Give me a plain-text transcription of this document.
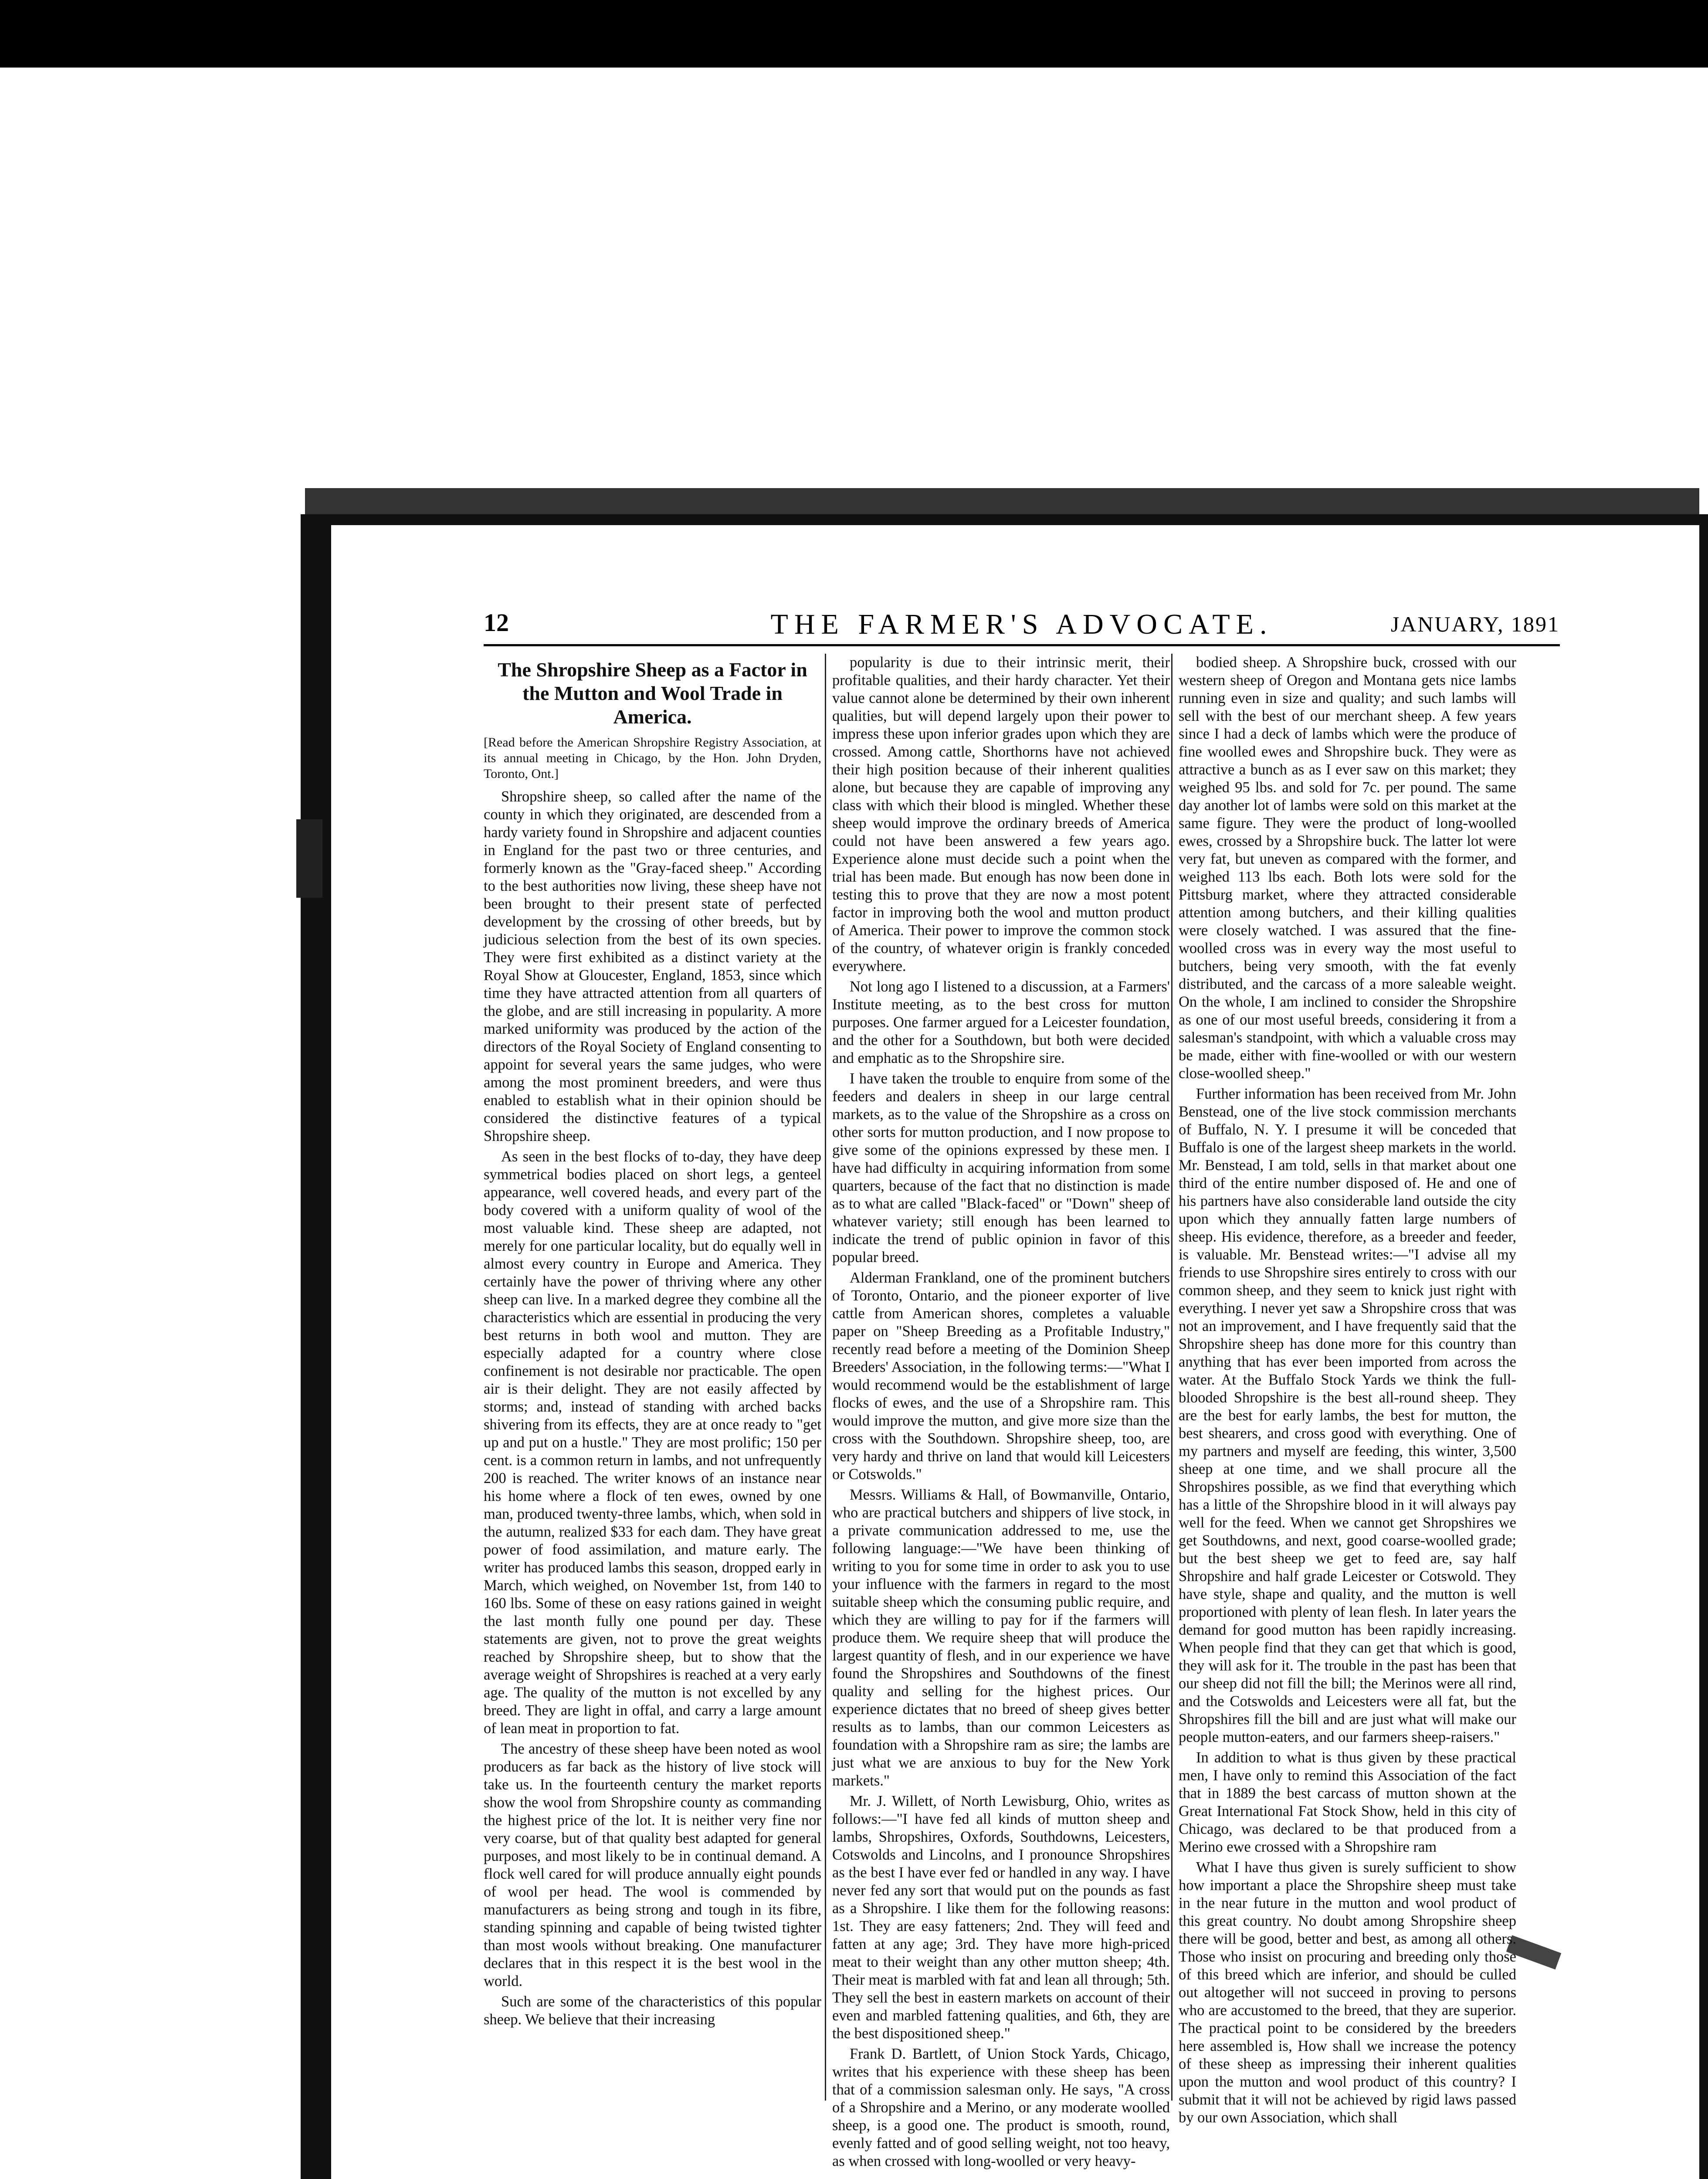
12	THE FARMER'S ADVOCATE.	JANUARY, 1891
The Shropshire Sheep as a Factor in the Mutton and Wool Trade in America.

[Read before the American Shropshire Registry Association, at its annual meeting in Chicago, by the Hon. John Dryden, Toronto, Ont.]

Shropshire sheep, so called after the name of the county in which they originated, are descended from a hardy variety found in Shropshire and adjacent counties in England for the past two or three centuries, and formerly known as the "Gray-faced sheep." According to the best authorities now living, these sheep have not been brought to their present state of perfected development by the crossing of other breeds, but by judicious selection from the best of its own species. They were first exhibited as a distinct variety at the Royal Show at Gloucester, England, 1853, since which time they have attracted attention from all quarters of the globe, and are still increasing in popularity. A more marked uniformity was produced by the action of the directors of the Royal Society of England consenting to appoint for several years the same judges, who were among the most prominent breeders, and were thus enabled to establish what in their opinion should be considered the distinctive features of a typical Shropshire sheep.

As seen in the best flocks of to-day, they have deep symmetrical bodies placed on short legs, a genteel appearance, well covered heads, and every part of the body covered with a uniform quality of wool of the most valuable kind. These sheep are adapted, not merely for one particular locality, but do equally well in almost every country in Europe and America. They certainly have the power of thriving where any other sheep can live. In a marked degree they combine all the characteristics which are essential in producing the very best returns in both wool and mutton. They are especially adapted for a country where close confinement is not desirable nor practicable. The open air is their delight. They are not easily affected by storms; and, instead of standing with arched backs shivering from its effects, they are at once ready to "get up and put on a hustle." They are most prolific; 150 per cent. is a common return in lambs, and not unfrequently 200 is reached. The writer knows of an instance near his home where a flock of ten ewes, owned by one man, produced twenty-three lambs, which, when sold in the autumn, realized $33 for each dam. They have great power of food assimilation, and mature early. The writer has produced lambs this season, dropped early in March, which weighed, on November 1st, from 140 to 160 lbs. Some of these on easy rations gained in weight the last month fully one pound per day. These statements are given, not to prove the great weights reached by Shropshire sheep, but to show that the average weight of Shropshires is reached at a very early age. The quality of the mutton is not excelled by any breed. They are light in offal, and carry a large amount of lean meat in proportion to fat.

The ancestry of these sheep have been noted as wool producers as far back as the history of live stock will take us. In the fourteenth century the market reports show the wool from Shropshire county as commanding the highest price of the lot. It is neither very fine nor very coarse, but of that quality best adapted for general purposes, and most likely to be in continual demand. A flock well cared for will produce annually eight pounds of wool per head. The wool is commended by manufacturers as being strong and tough in its fibre, standing spinning and capable of being twisted tighter than most wools without breaking. One manufacturer declares that in this respect it is the best wool in the world.

Such are some of the characteristics of this popular sheep. We believe that their increasing

popularity is due to their intrinsic merit, their profitable qualities, and their hardy character. Yet their value cannot alone be determined by their own inherent qualities, but will depend largely upon their power to impress these upon inferior grades upon which they are crossed. Among cattle, Shorthorns have not achieved their high position because of their inherent qualities alone, but because they are capable of improving any class with which their blood is mingled. Whether these sheep would improve the ordinary breeds of America could not have been answered a few years ago. Experience alone must decide such a point when the trial has been made. But enough has now been done in testing this to prove that they are now a most potent factor in improving both the wool and mutton product of America. Their power to improve the common stock of the country, of whatever origin is frankly conceded everywhere.

Not long ago I listened to a discussion, at a Farmers' Institute meeting, as to the best cross for mutton purposes. One farmer argued for a Leicester foundation, and the other for a Southdown, but both were decided and emphatic as to the Shropshire sire.

I have taken the trouble to enquire from some of the feeders and dealers in sheep in our large central markets, as to the value of the Shropshire as a cross on other sorts for mutton production, and I now propose to give some of the opinions expressed by these men. I have had difficulty in acquiring information from some quarters, because of the fact that no distinction is made as to what are called "Black-faced" or "Down" sheep of whatever variety; still enough has been learned to indicate the trend of public opinion in favor of this popular breed.

Alderman Frankland, one of the prominent butchers of Toronto, Ontario, and the pioneer exporter of live cattle from American shores, completes a valuable paper on "Sheep Breeding as a Profitable Industry," recently read before a meeting of the Dominion Sheep Breeders' Association, in the following terms:—"What I would recommend would be the establishment of large flocks of ewes, and the use of a Shropshire ram. This would improve the mutton, and give more size than the cross with the Southdown. Shropshire sheep, too, are very hardy and thrive on land that would kill Leicesters or Cotswolds."

Messrs. Williams & Hall, of Bowmanville, Ontario, who are practical butchers and shippers of live stock, in a private communication addressed to me, use the following language:—"We have been thinking of writing to you for some time in order to ask you to use your influence with the farmers in regard to the most suitable sheep which the consuming public require, and which they are willing to pay for if the farmers will produce them. We require sheep that will produce the largest quantity of flesh, and in our experience we have found the Shropshires and Southdowns of the finest quality and selling for the highest prices. Our experience dictates that no breed of sheep gives better results as to lambs, than our common Leicesters as foundation with a Shropshire ram as sire; the lambs are just what we are anxious to buy for the New York markets."

Mr. J. Willett, of North Lewisburg, Ohio, writes as follows:—"I have fed all kinds of mutton sheep and lambs, Shropshires, Oxfords, Southdowns, Leicesters, Cotswolds and Lincolns, and I pronounce Shropshires as the best I have ever fed or handled in any way. I have never fed any sort that would put on the pounds as fast as a Shropshire. I like them for the following reasons: 1st. They are easy fatteners; 2nd. They will feed and fatten at any age; 3rd. They have more high-priced meat to their weight than any other mutton sheep; 4th. Their meat is marbled with fat and lean all through; 5th. They sell the best in eastern markets on account of their even and marbled fattening qualities, and 6th, they are the best dispositioned sheep."

Frank D. Bartlett, of Union Stock Yards, Chicago, writes that his experience with these sheep has been that of a commission salesman only. He says, "A cross of a Shropshire and a Merino, or any moderate woolled sheep, is a good one. The product is smooth, round, evenly fatted and of good selling weight, not too heavy, as when crossed with long-woolled or very heavy-

bodied sheep. A Shropshire buck, crossed with our western sheep of Oregon and Montana gets nice lambs running even in size and quality; and such lambs will sell with the best of our merchant sheep. A few years since I had a deck of lambs which were the produce of fine woolled ewes and Shropshire buck. They were as attractive a bunch as as I ever saw on this market; they weighed 95 lbs. and sold for 7c. per pound. The same day another lot of lambs were sold on this market at the same figure. They were the product of long-woolled ewes, crossed by a Shropshire buck. The latter lot were very fat, but uneven as compared with the former, and weighed 113 lbs each. Both lots were sold for the Pittsburg market, where they attracted considerable attention among butchers, and their killing qualities were closely watched. I was assured that the fine-woolled cross was in every way the most useful to butchers, being very smooth, with the fat evenly distributed, and the carcass of a more saleable weight. On the whole, I am inclined to consider the Shropshire as one of our most useful breeds, considering it from a salesman's standpoint, with which a valuable cross may be made, either with fine-woolled or with our western close-woolled sheep."

Further information has been received from Mr. John Benstead, one of the live stock commission merchants of Buffalo, N. Y. I presume it will be conceded that Buffalo is one of the largest sheep markets in the world. Mr. Benstead, I am told, sells in that market about one third of the entire number disposed of. He and one of his partners have also considerable land outside the city upon which they annually fatten large numbers of sheep. His evidence, therefore, as a breeder and feeder, is valuable. Mr. Benstead writes:—"I advise all my friends to use Shropshire sires entirely to cross with our common sheep, and they seem to knick just right with everything. I never yet saw a Shropshire cross that was not an improvement, and I have frequently said that the Shropshire sheep has done more for this country than anything that has ever been imported from across the water. At the Buffalo Stock Yards we think the full-blooded Shropshire is the best all-round sheep. They are the best for early lambs, the best for mutton, the best shearers, and cross good with everything. One of my partners and myself are feeding, this winter, 3,500 sheep at one time, and we shall procure all the Shropshires possible, as we find that everything which has a little of the Shropshire blood in it will always pay well for the feed. When we cannot get Shropshires we get Southdowns, and next, good coarse-woolled grade; but the best sheep we get to feed are, say half Shropshire and half grade Leicester or Cotswold. They have style, shape and quality, and the mutton is well proportioned with plenty of lean flesh. In later years the demand for good mutton has been rapidly increasing. When people find that they can get that which is good, they will ask for it. The trouble in the past has been that our sheep did not fill the bill; the Merinos were all rind, and the Cotswolds and Leicesters were all fat, but the Shropshires fill the bill and are just what will make our people mutton-eaters, and our farmers sheep-raisers."

In addition to what is thus given by these practical men, I have only to remind this Association of the fact that in 1889 the best carcass of mutton shown at the Great International Fat Stock Show, held in this city of Chicago, was declared to be that produced from a Merino ewe crossed with a Shropshire ram

What I have thus given is surely sufficient to show how important a place the Shropshire sheep must take in the near future in the mutton and wool product of this great country. No doubt among Shropshire sheep there will be good, better and best, as among all others. Those who insist on procuring and breeding only those of this breed which are inferior, and should be culled out altogether will not succeed in proving to persons who are accustomed to the breed, that they are superior. The practical point to be considered by the breeders here assembled is, How shall we increase the potency of these sheep as impressing their inherent qualities upon the mutton and wool product of this country? I submit that it will not be achieved by rigid laws passed by our own Association, which shall
